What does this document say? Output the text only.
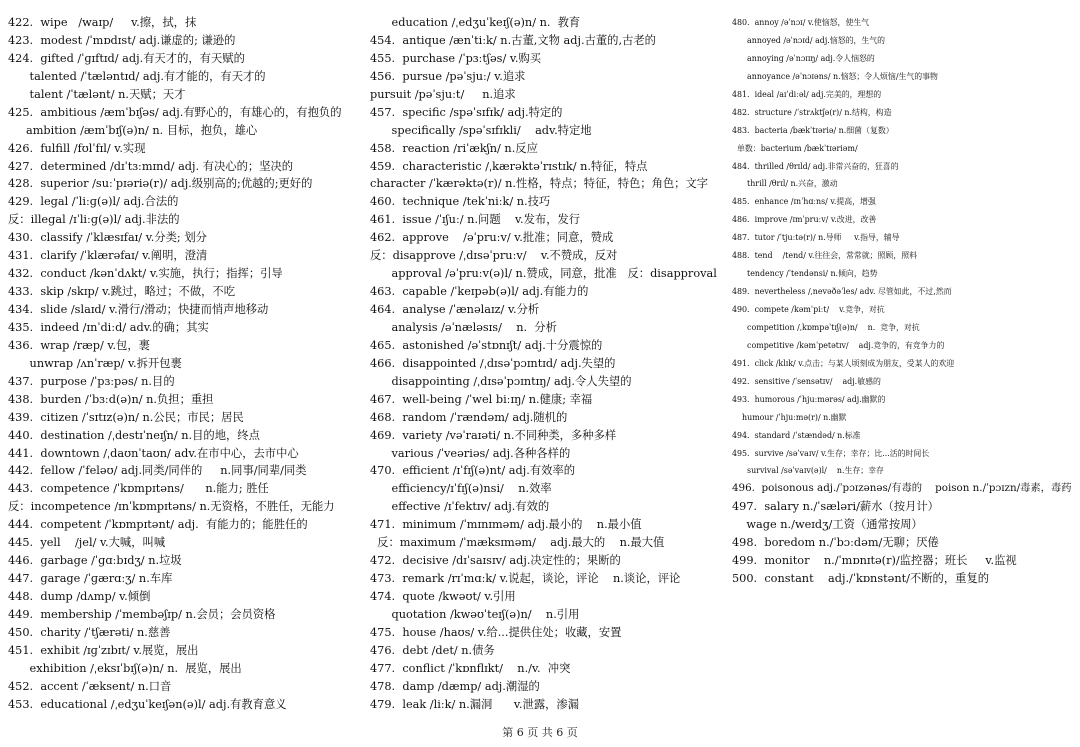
422.  wipe   /waɪp/     v.擦，拭，抹
423.  modest /ˈmɒdɪst/ adj.谦虚的; 谦逊的
424.  gifted /ˈɡɪftɪd/ adj.有天才的，有天赋的
talented /ˈtæləntɪd/ adj.有才能的，有天才的
talent /ˈtælənt/ n.天赋；天才
425.  ambitious /æmˈbɪʃəs/ adj.有野心的，有雄心的，有抱负的
ambition /æmˈbɪʃ(ə)n/ n. 目标，抱负，雄心
426.  fulfill /fʊlˈfɪl/ v.实现
427.  determined /dɪˈtɜːmɪnd/ adj. 有决心的；坚决的
428.  superior /suːˈpɪəriə(r)/ adj.级别高的;优越的;更好的
429.  legal /ˈliːɡ(ə)l/ adj.合法的
反：illegal /ɪˈliːɡ(ə)l/ adj.非法的
430.  classify /ˈklæsɪfaɪ/ v.分类; 划分
431.  clarify /ˈklærəfaɪ/ v.阐明，澄清
432.  conduct /kənˈdʌkt/ v.实施，执行；指挥；引导
433.  skip /skɪp/ v.跳过，略过；不做，不吃
434.  slide /slaɪd/ v.滑行/滑动；快捷而悄声地移动
435.  indeed /ɪnˈdiːd/ adv.的确；其实
436.  wrap /ræp/ v.包，裹
unwrap /ʌnˈræp/ v.拆开包裹
437.  purpose /ˈpɜːpəs/ n.目的
438.  burden /ˈbɜːd(ə)n/ n.负担；重担
439.  citizen /ˈsɪtɪz(ə)n/ n.公民；市民；居民
440.  destination /ˌdestɪˈneɪʃn/ n.目的地，终点
441.  downtown /ˌdaʊnˈtaʊn/ adv.在市中心，去市中心
442.  fellow /ˈfeləʊ/ adj.同类/同伴的     n.同事/同辈/同类
443.  competence /ˈkɒmpɪtəns/      n.能力; 胜任
反：incompetence /ɪnˈkɒmpɪtəns/ n.无资格，不胜任，无能力
444.  competent /ˈkɒmpɪtənt/ adj.  有能力的；能胜任的
445.  yell    /jel/ v.大喊，叫喊
446.  garbage /ˈɡɑːbɪdʒ/ n.垃圾
447.  garage /ˈɡærɑːʒ/ n.车库
448.  dump /dʌmp/ v.倾倒
449.  membership /ˈmembəʃɪp/ n.会员；会员资格
450.  charity /ˈtʃærəti/ n.慈善
451.  exhibit /ɪɡˈzɪbɪt/ v.展览，展出
exhibition /ˌeksɪˈbɪʃ(ə)n/ n.  展览，展出
452.  accent /ˈæksent/ n.口音
453.  educational /ˌedʒuˈkeɪʃən(ə)l/ adj.有教育意义
education /ˌedʒuˈkeɪʃ(ə)n/ n.  教育
454.  antique /ænˈtiːk/ n.古董,文物 adj.古董的,古老的
455.  purchase /ˈpɜːtʃəs/ v.购买
456.  pursue /pəˈsjuː/ v.追求
pursuit /pəˈsjuːt/     n.追求
457.  specific /spəˈsɪfɪk/ adj.特定的
specifically /spəˈsɪfɪkli/    adv.特定地
458.  reaction /riˈækʃn/ n.反应
459.  characteristic /ˌkærəktəˈrɪstɪk/ n.特征，特点
character /ˈkærəktə(r)/ n.性格，特点；特征，特色；角色；文字
460.  technique /tekˈniːk/ n.技巧
461.  issue /ˈɪʃuː/ n.问题    v.发布，发行
462.  approve    /əˈpruːv/ v.批准；同意，赞成
反：disapprove /ˌdɪsəˈpruːv/    v.不赞成，反对
approval /əˈpruːv(ə)l/ n.赞成，同意，批准   反：disapproval
463.  capable /ˈkeɪpəb(ə)l/ adj.有能力的
464.  analyse /ˈænəlaɪz/ v.分析
analysis /əˈnæləsɪs/    n.  分析
465.  astonished /əˈstɒnɪʃt/ adj.十分震惊的
466.  disappointed /ˌdɪsəˈpɔɪntɪd/ adj.失望的
disappointing /ˌdɪsəˈpɔɪntɪŋ/ adj.令人失望的
467.  well-being /ˈwel biːɪŋ/ n.健康; 幸福
468.  random /ˈrændəm/ adj.随机的
469.  variety /vəˈraɪəti/ n.不同种类，多种多样
various /ˈveəriəs/ adj.各种各样的
470.  efficient /ɪˈfɪʃ(ə)nt/ adj.有效率的
efficiency/ɪˈfɪʃ(ə)nsi/    n.效率
effective /ɪˈfektɪv/ adj.有效的
471.  minimum /ˈmɪnɪməm/ adj.最小的    n.最小值
反：maximum /ˈmæksɪməm/    adj.最大的    n.最大值
472.  decisive /dɪˈsaɪsɪv/ adj.决定性的；果断的
473.  remark /rɪˈmɑːk/ v.说起，谈论，评论    n.谈论，评论
474.  quote /kwəʊt/ v.引用
quotation /kwəʊˈteɪʃ(ə)n/    n.引用
475.  house /haʊs/ v.给...提供住处；收藏，安置
476.  debt /det/ n.债务
477.  conflict /ˈkɒnflɪkt/    n./v.  冲突
478.  damp /dæmp/ adj.潮湿的
479.  leak /liːk/ n.漏洞      v.泄露，渗漏
480.  annoy /əˈnɔɪ/ v.使恼怒，使生气
annoyed /əˈnɔɪd/ adj.恼怒的，生气的
annoying /əˈnɔɪɪŋ/ adj.令人恼怒的
annoyance /əˈnɔɪəns/ n.恼怒；令人烦恼/生气的事物
481.  ideal /aɪˈdiːəl/ adj.完美的，理想的
482.  structure /ˈstrʌktʃə(r)/ n.结构，构造
483.  bacteria /bækˈtɪəriə/ n.细菌（复数）
单数：bacterium /bækˈtɪəriəm/
484.  thrilled /θrɪld/ adj.非常兴奋的，狂喜的
thrill /θrɪl/ n.兴奋，激动
485.  enhance /ɪnˈhɑːns/ v.提高，增强
486.  improve /ɪmˈpruːv/ v.改进，改善
487.  tutor /ˈtjuːtə(r)/ n.导师     v.指导，辅导
488.  tend    /tend/ v.往往会，常常就；照顾，照料
tendency /ˈtendənsi/ n.倾向，趋势
489.  nevertheless /ˌnevəðəˈles/ adv. 尽管如此，不过,然而
490.  compete /kəmˈpiːt/    v.竞争，对抗
competition /ˌkɒmpəˈtɪʃ(ə)n/    n.  竞争，对抗
competitive /kəmˈpetətɪv/    adj.竞争的，有竞争力的
491.  click /klɪk/ v.点击；与某人顷刻成为朋友，受某人的欢迎
492.  sensitive /ˈsensətɪv/    adj.敏感的
493.  humorous /ˈhjuːmərəs/ adj.幽默的
humour /ˈhjuːmə(r)/ n.幽默
494.  standard /ˈstændəd/ n.标准
495.  survive /səˈvaɪv/ v.生存；幸存；比...活的时间长
survival /səˈvaɪv(ə)l/    n.生存；幸存
496.  poisonous adj./ˈpɔɪzənəs/有毒的    poison n./ˈpɔɪzn/毒素，毒药
497.  salary n./ˈsæləri/薪水（按月计）
wage n./weɪdʒ/工资（通常按周）
498.  boredom n./ˈbɔːdəm/无聊；厌倦
499.  monitor    n./ˈmɒnɪtə(r)/监控器；班长     v.监视
500.  constant    adj./ˈkɒnstənt/不断的，重复的
第 6 页 共 6 页
